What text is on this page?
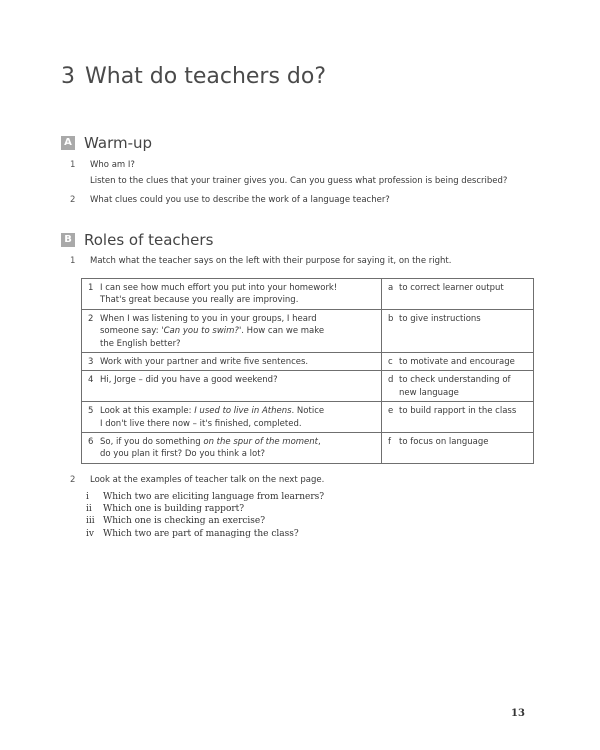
3 What do teachers do?
A Warm-up
1 Who am I?
Listen to the clues that your trainer gives you. Can you guess what profession is being described?
2 What clues could you use to describe the work of a language teacher?
B Roles of teachers
1 Match what the teacher says on the left with their purpose for saying it, on the right.
1 I can see how much effort you put into your homework!
That's great because you really are improving.	a to correct learner output

2 When I was listening to you in your groups, I heard
someone say: 'Can you to swim?'. How can we make
the English better?	b to give instructions

3 Work with your partner and write five sentences.	c to motivate and encourage

4 Hi, Jorge – did you have a good weekend?	d to check understanding of
new language

5 Look at this example: I used to live in Athens. Notice
I don't live there now – it's finished, completed.	e to build rapport in the class

6 So, if you do something on the spur of the moment,
do you plan it first? Do you think a lot?	f to focus on language
2 Look at the examples of teacher talk on the next page.
i	Which two are eliciting language from learners?
ii	Which one is building rapport?
iii Which one is checking an exercise?
iv	Which two are part of managing the class?
13
